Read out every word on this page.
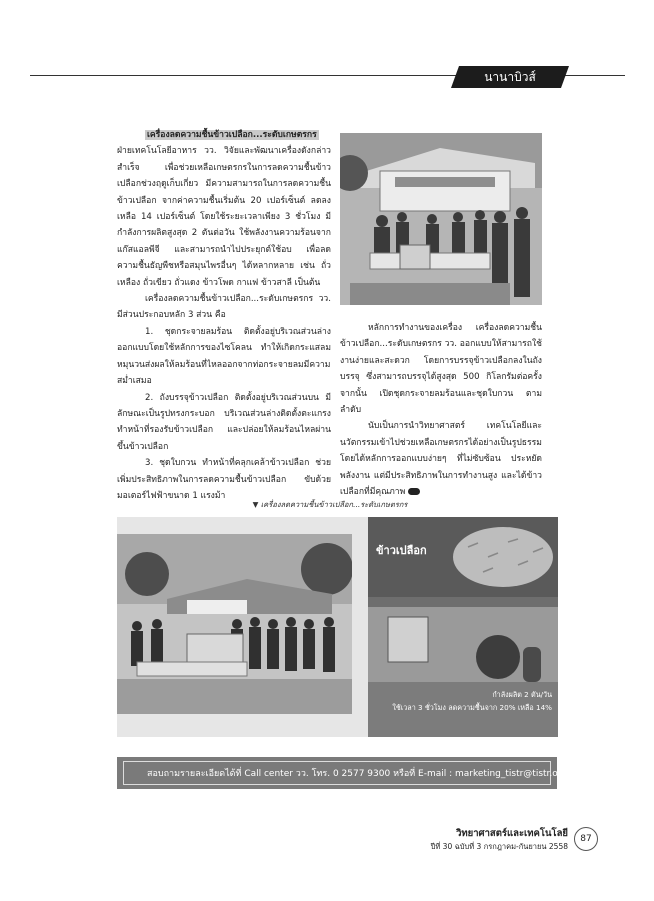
นานาบิวส์

เครื่องลดความชื้นข้าวเปลือก...ระดับเกษตรกร ฝ่ายเทคโนโลยีอาหาร วว. วิจัยและพัฒนาเครื่องดังกล่าวสำเร็จ เพื่อช่วยเหลือเกษตรกรในการลดความชื้นข้าวเปลือกช่วงฤดูเก็บเกี่ยว มีความสามารถในการลดความชื้นข้าวเปลือก จากค่าความชื้นเริ่มต้น 20 เปอร์เซ็นต์ ลดลงเหลือ 14 เปอร์เซ็นต์ โดยใช้ระยะเวลาเพียง 3 ชั่วโมง มีกำลังการผลิตสูงสุด 2 ตันต่อวัน ใช้พลังงานความร้อนจากแก๊สแอลพีจี และสามารถนำไปประยุกต์ใช้อบ เพื่อลดความชื้นธัญพืชหรือสมุนไพรอื่นๆ ได้หลากหลาย เช่น ถั่วเหลือง ถั่วเขียว ถั่วแดง ข้าวโพด กาแฟ ข้าวสาลี เป็นต้น

เครื่องลดความชื้นข้าวเปลือก...ระดับเกษตรกร วว. มีส่วนประกอบหลัก 3 ส่วน คือ

1. ชุดกระจายลมร้อน ติดตั้งอยู่บริเวณส่วนล่างออกแบบโดยใช้หลักการของไซโคลน ทำให้เกิดกระแสลมหมุนวนส่งผลให้ลมร้อนที่ไหลออกจากท่อกระจายลมมีความสม่ำเสมอ

2. ถังบรรจุข้าวเปลือก ติดตั้งอยู่บริเวณส่วนบน มีลักษณะเป็นรูปทรงกระบอก บริเวณส่วนล่างติดตั้งตะแกรงทำหน้าที่รองรับข้าวเปลือก และปล่อยให้ลมร้อนไหลผ่านขึ้นข้าวเปลือก

3. ชุดใบกวน ทำหน้าที่คลุกเคล้าข้าวเปลือก ช่วยเพิ่มประสิทธิภาพในการลดความชื้นข้าวเปลือก ขับด้วยมอเตอร์ไฟฟ้าขนาด 1 แรงม้า

หลักการทำงานของเครื่อง เครื่องลดความชื้นข้าวเปลือก...ระดับเกษตรกร วว. ออกแบบให้สามารถใช้งานง่ายและสะดวก โดยการบรรจุข้าวเปลือกลงในถังบรรจุ ซึ่งสามารถบรรจุได้สูงสุด 500 กิโลกรัมต่อครั้ง จากนั้น เปิดชุดกระจายลมร้อนและชุดใบกวน ตามลำดับ

นับเป็นการนำวิทยาศาสตร์ เทคโนโลยีและนวัตกรรมเข้าไปช่วยเหลือเกษตรกรได้อย่างเป็นรูปธรรม โดยได้หลักการออกแบบง่ายๆ ที่ไม่ซับซ้อน ประหยัดพลังงาน แต่มีประสิทธิภาพในการทำงานสูง และได้ข้าวเปลือกที่มีคุณภาพ

▼ เครื่องลดความชื้นข้าวเปลือก...ระดับเกษตรกร
ข้าวเปลือก
กำลังผลิต 2 ตัน/วัน
ใช้เวลา 3 ชั่วโมง ลดความชื้นจาก 20% เหลือ 14%
สอบถามรายละเอียดได้ที่ Call center วว. โทร. 0 2577 9300 หรือที่ E-mail : marketing_tistr@tistr.or.th
วิทยาศาสตร์และเทคโนโลยี
ปีที่ 30 ฉบับที่ 3 กรกฎาคม-กันยายน 2558
87
